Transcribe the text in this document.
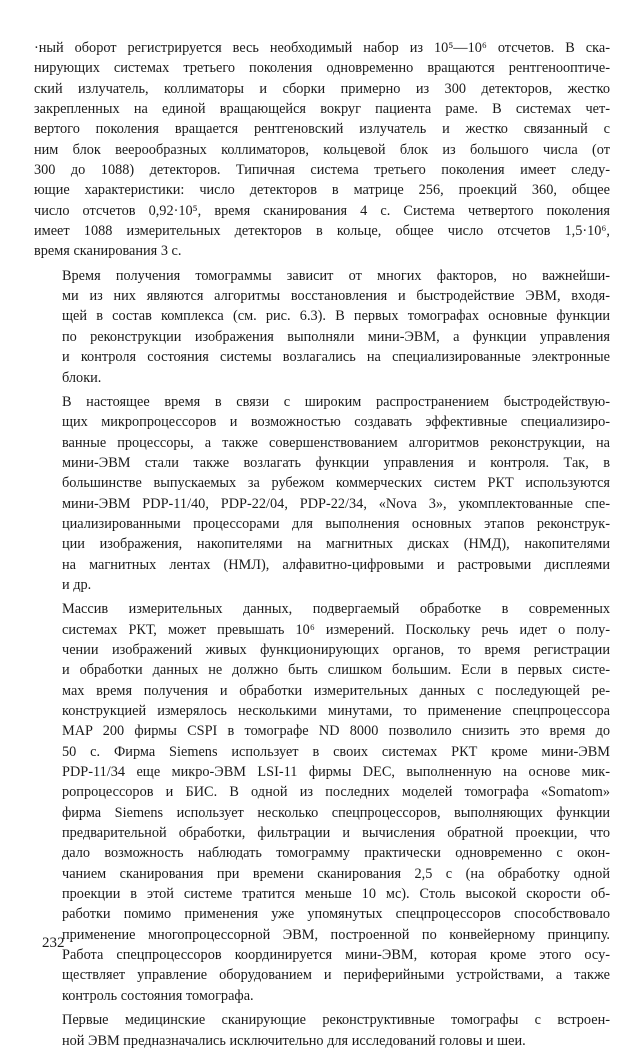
·ный оборот регистрируется весь необходимый набор из 10⁵—10⁶ отсчетов. В ска-
нирующих системах третьего поколения одновременно вращаются рентгенооптиче-
ский излучатель, коллиматоры и сборки примерно из 300 детекторов, жестко
закрепленных на единой вращающейся вокруг пациента раме. В системах чет-
вертого поколения вращается рентгеновский излучатель и жестко связанный с
ним блок веерообразных коллиматоров, кольцевой блок из большого числа (от
300 до 1088) детекторов. Типичная система третьего поколения имеет следу-
ющие характеристики: число детекторов в матрице 256, проекций 360, общее
число отсчетов 0,92·10⁵, время сканирования 4 с. Система четвертого поколения
имеет 1088 измерительных детекторов в кольце, общее число отсчетов 1,5·10⁶,
время сканирования 3 с.
Время получения томограммы зависит от многих факторов, но важнейши-
ми из них являются алгоритмы восстановления и быстродействие ЭВМ, входя-
щей в состав комплекса (см. рис. 6.3). В первых томографах основные функции
по реконструкции изображения выполняли мини-ЭВМ, а функции управления
и контроля состояния системы возлагались на специализированные электронные
блоки.
В настоящее время в связи с широким распространением быстродействую-
щих микропроцессоров и возможностью создавать эффективные специализиро-
ванные процессоры, а также совершенствованием алгоритмов реконструкции, на
мини-ЭВМ стали также возлагать функции управления и контроля. Так, в
большинстве выпускаемых за рубежом коммерческих систем РКТ используются
мини-ЭВМ PDP-11/40, PDP-22/04, PDP-22/34, «Nova 3», укомплектованные спе-
циализированными процессорами для выполнения основных этапов реконструк-
ции изображения, накопителями на магнитных дисках (НМД), накопителями
на магнитных лентах (НМЛ), алфавитно-цифровыми и растровыми дисплеями
и др.
Массив измерительных данных, подвергаемый обработке в современных
системах РКТ, может превышать 10⁶ измерений. Поскольку речь идет о полу-
чении изображений живых функционирующих органов, то время регистрации
и обработки данных не должно быть слишком большим. Если в первых систе-
мах время получения и обработки измерительных данных с последующей ре-
конструкцией измерялось несколькими минутами, то применение спецпроцессора
MAP 200 фирмы CSPI в томографе ND 8000 позволило снизить это время до
50 с. Фирма Siemens использует в своих системах РКТ кроме мини-ЭВМ
PDP-11/34 еще микро-ЭВМ LSI-11 фирмы DEC, выполненную на основе мик-
ропроцессоров и БИС. В одной из последних моделей томографа «Somatom»
фирма Siemens использует несколько спецпроцессоров, выполняющих функции
предварительной обработки, фильтрации и вычисления обратной проекции, что
дало возможность наблюдать томограмму практически одновременно с окон-
чанием сканирования при времени сканирования 2,5 с (на обработку одной
проекции в этой системе тратится меньше 10 мс). Столь высокой скорости об-
работки помимо применения уже упомянутых спецпроцессоров способствовало
применение многопроцессорной ЭВМ, построенной по конвейерному принципу.
Работа спецпроцессоров координируется мини-ЭВМ, которая кроме этого осу-
ществляет управление оборудованием и периферийными устройствами, а также
контроль состояния томографа.
Первые медицинские сканирующие реконструктивные томографы с встроен-
ной ЭВМ предназначались исключительно для исследований головы и шеи.
232
